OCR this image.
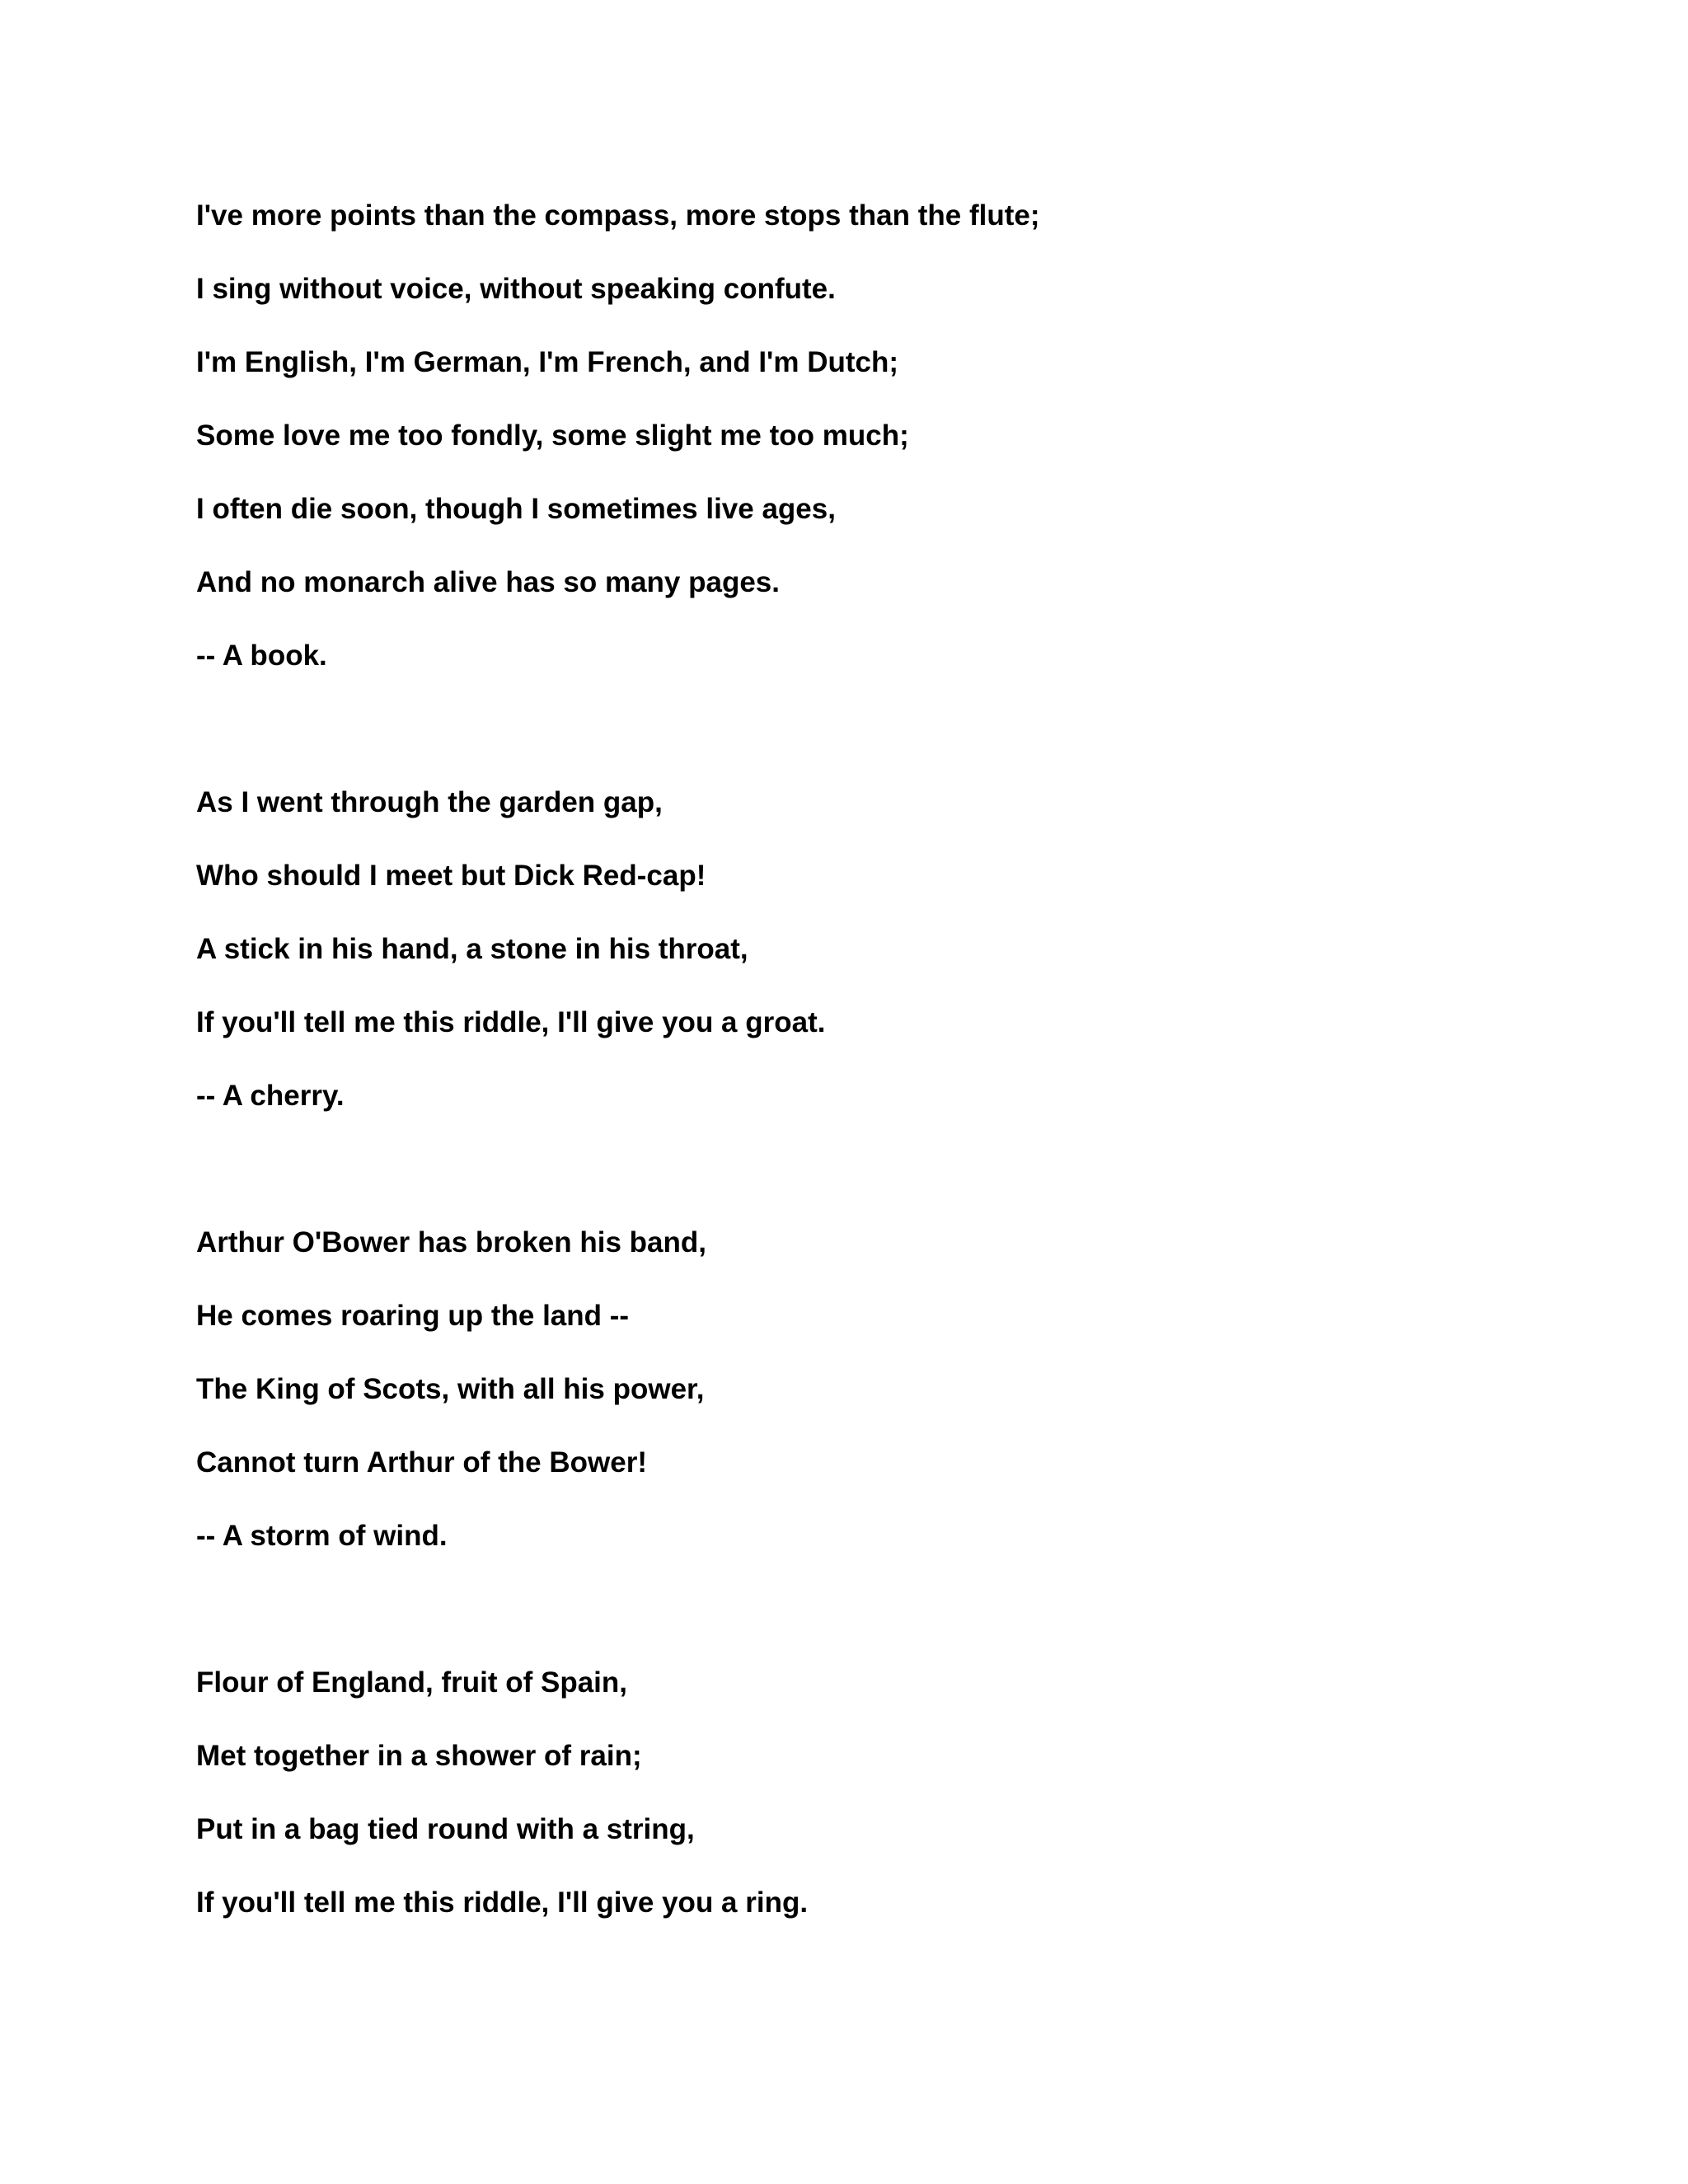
I've more points than the compass, more stops than the flute;
I sing without voice, without speaking confute.
I'm English, I'm German, I'm French, and I'm Dutch;
Some love me too fondly, some slight me too much;
I often die soon, though I sometimes live ages,
And no monarch alive has so many pages.
-- A book.
As I went through the garden gap,
Who should I meet but Dick Red-cap!
A stick in his hand, a stone in his throat,
If you'll tell me this riddle, I'll give you a groat.
-- A cherry.
Arthur O'Bower has broken his band,
He comes roaring up the land --
The King of Scots, with all his power,
Cannot turn Arthur of the Bower!
-- A storm of wind.
Flour of England, fruit of Spain,
Met together in a shower of rain;
Put in a bag tied round with a string,
If you'll tell me this riddle, I'll give you a ring.
